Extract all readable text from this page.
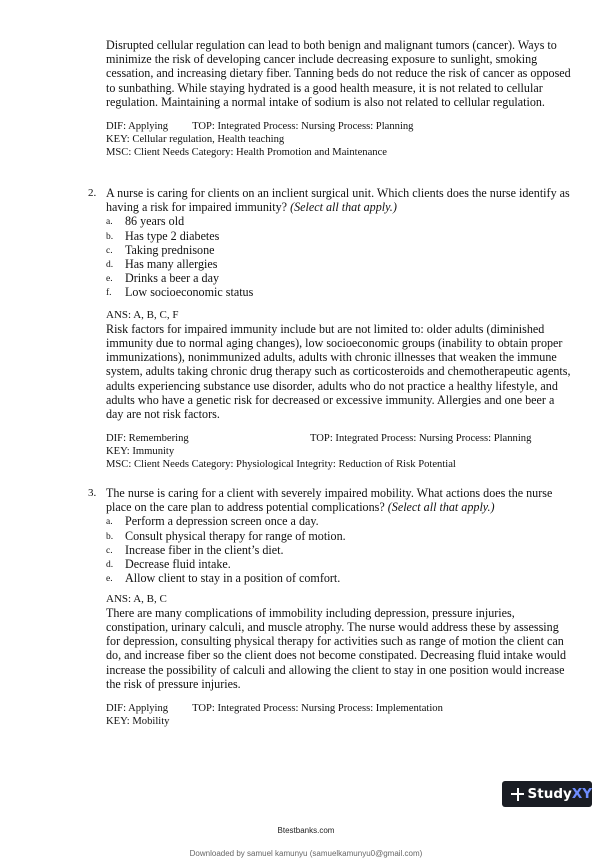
Disrupted cellular regulation can lead to both benign and malignant tumors (cancer). Ways to minimize the risk of developing cancer include decreasing exposure to sunlight, smoking cessation, and increasing dietary fiber. Tanning beds do not reduce the risk of cancer as opposed to sunbathing. While staying hydrated is a good health measure, it is not related to cellular regulation. Maintaining a normal intake of sodium is also not related to cellular regulation.

DIF: Applying TOP: Integrated Process: Nursing Process: Planning
KEY: Cellular regulation, Health teaching
MSC: Client Needs Category: Health Promotion and Maintenance
2. A nurse is caring for clients on an inclient surgical unit. Which clients does the nurse identify as having a risk for impaired immunity? (Select all that apply.)
a. 86 years old
b. Has type 2 diabetes
c. Taking prednisone
d. Has many allergies
e. Drinks a beer a day
f. Low socioeconomic status
ANS: A, B, C, F

Risk factors for impaired immunity include but are not limited to: older adults (diminished immunity due to normal aging changes), low socioeconomic groups (inability to obtain proper immunizations), nonimmunized adults, adults with chronic illnesses that weaken the immune system, adults taking chronic drug therapy such as corticosteroids and chemotherapeutic agents, adults experiencing substance use disorder, adults who do not practice a healthy lifestyle, and adults who have a genetic risk for decreased or excessive immunity. Allergies and one beer a day are not risk factors.

DIF: Remembering	TOP: Integrated Process: Nursing Process: Planning
KEY: Immunity
MSC: Client Needs Category: Physiological Integrity: Reduction of Risk Potential
3. The nurse is caring for a client with severely impaired mobility. What actions does the nurse place on the care plan to address potential complications? (Select all that apply.)
a. Perform a depression screen once a day.
b. Consult physical therapy for range of motion.
c. Increase fiber in the client’s diet.
d. Decrease fluid intake.
e. Allow client to stay in a position of comfort.
ANS: A, B, C

There are many complications of immobility including depression, pressure injuries, constipation, urinary calculi, and muscle atrophy. The nurse would address these by assessing for depression, consulting physical therapy for activities such as range of motion the client can do, and increase fiber so the client does not become constipated. Decreasing fluid intake would increase the possibility of calculi and allowing the client to stay in one position would increase the risk of pressure injuries.

DIF: Applying TOP: Integrated Process: Nursing Process: Implementation
KEY: Mobility
StudyXY
Btestbanks.com
Downloaded by samuel kamunyu (samuelkamunyu0@gmail.com)
